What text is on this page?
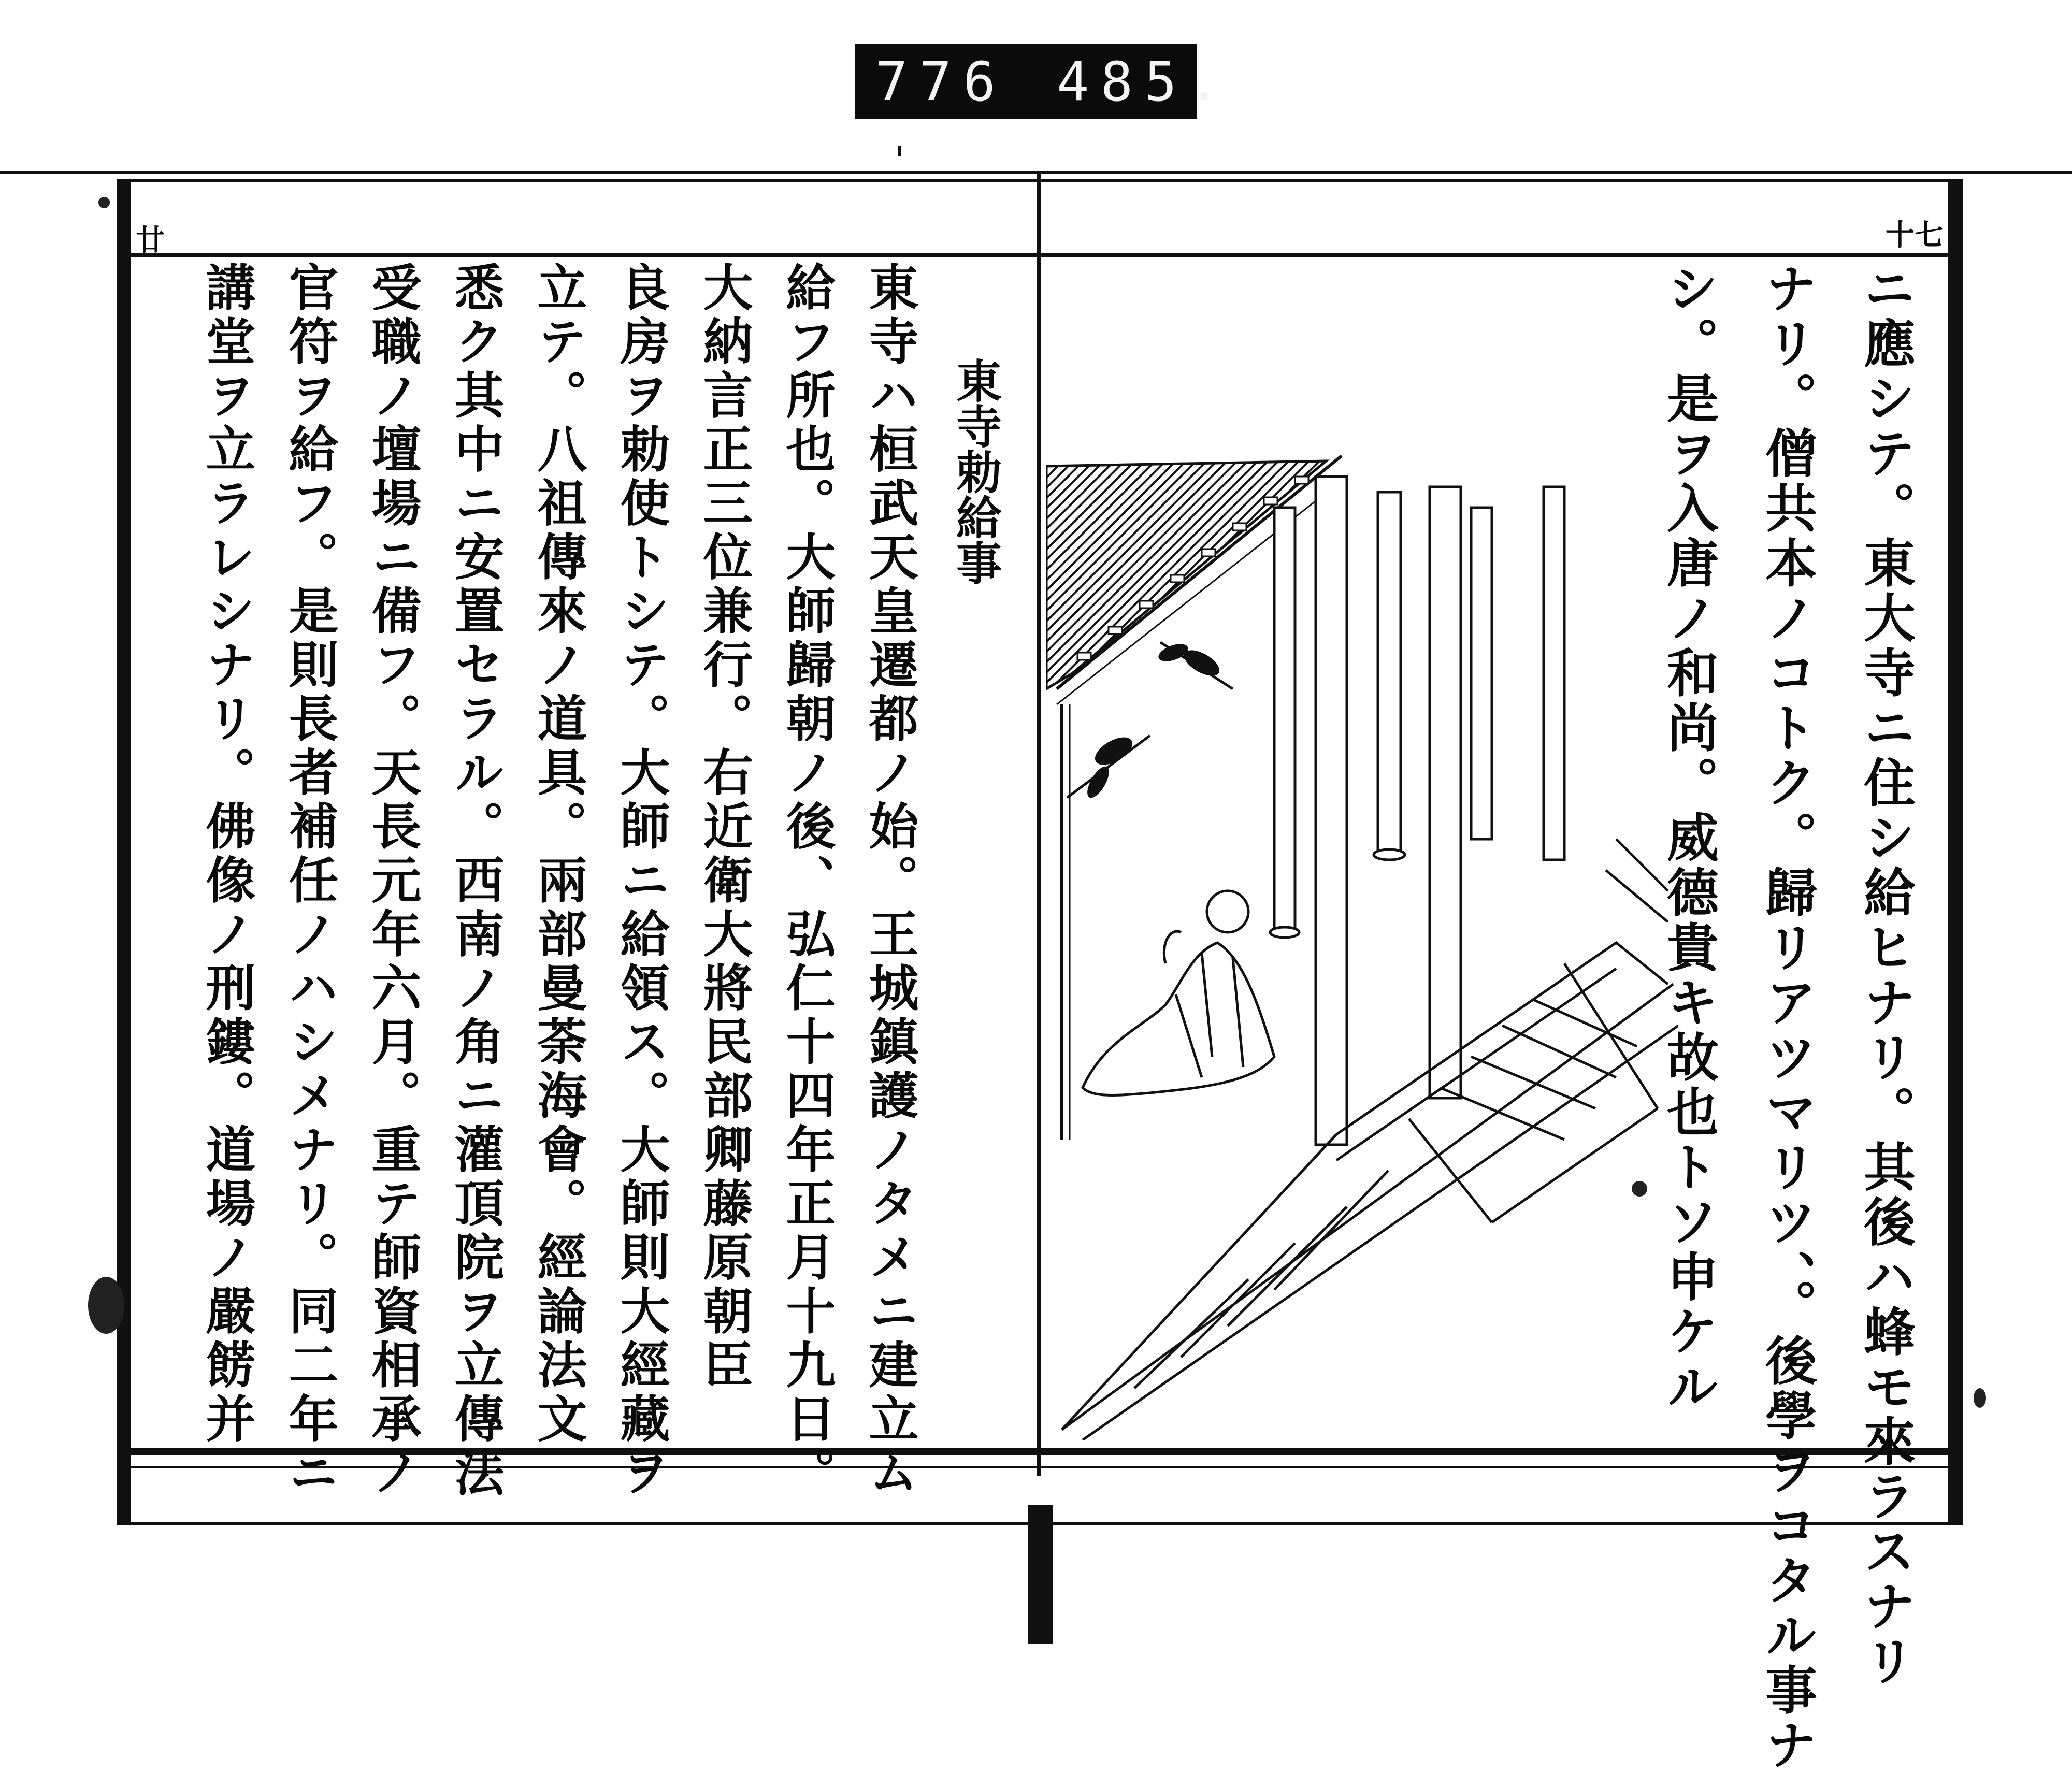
776 485.
廿	十七
東寺勅給事
東寺ハ桓武天皇遷都ノ始。王城鎮護ノタメニ建立ム
給フ所也。大師歸朝ノ後、弘仁十四年正月十九日。
大納言正三位兼行。右近衛大將民部卿藤原朝臣
良房ヲ勅使トシテ。大師ニ給領ス。大師則大經藏ヲ
立テ。八祖傳來ノ道具。兩部曼荼海會。經論法文
悉ク其中ニ安置セラル。西南ノ角ニ灌頂院ヲ立傳法
受職ノ壇場ニ備フ。天長元年六月。重テ師資相承ノ
官符ヲ給フ。是則長者補任ノハシメナリ。同二年ニ
講堂ヲ立ラレシナリ。佛像ノ刑鏤。道場ノ嚴餝并	ニ應シテ。東大寺ニ住シ給ヒナリ。其後ハ蜂モ來ラスナリ
ナリ。僧共本ノコトク。歸リアツマリツ、。後學ヲコタル事ナ
シ。是ヲ入唐ノ和尚。威德貴キ故也トソ申ケル
